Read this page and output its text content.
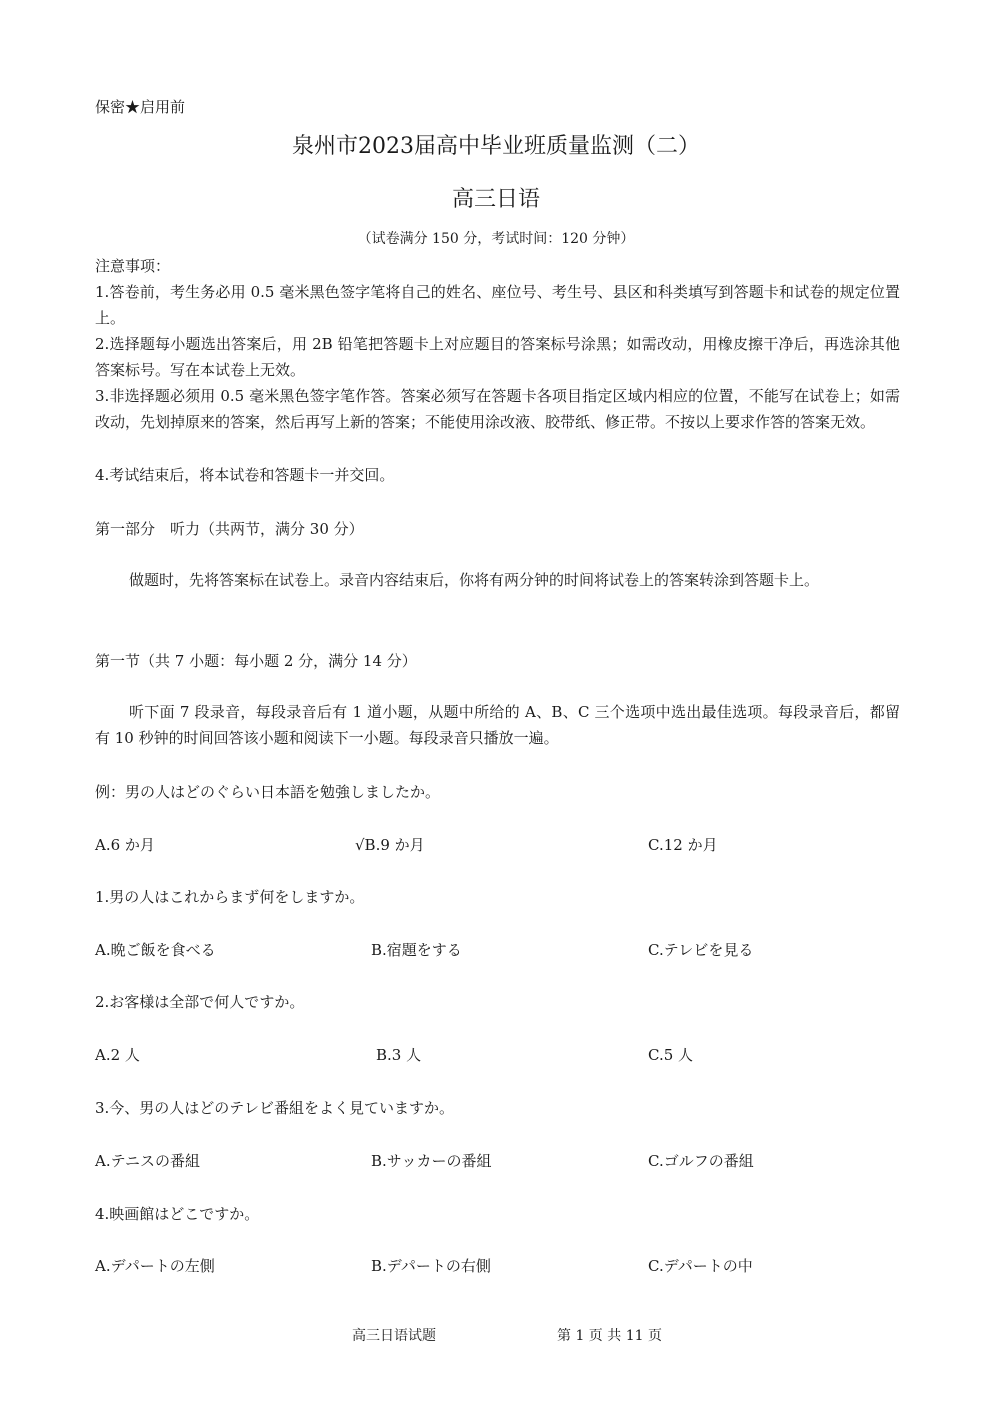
保密★启用前
泉州市2023届高中毕业班质量监测（二）
高三日语
（试卷满分 150 分，考试时间：120 分钟）
注意事项：
1.答卷前，考生务必用 0.5 毫米黑色签字笔将自己的姓名、座位号、考生号、县区和科类填写到答题卡和试卷的规定位置上。
2.选择题每小题选出答案后，用 2B 铅笔把答题卡上对应题目的答案标号涂黑；如需改动，用橡皮擦干净后，再选涂其他答案标号。写在本试卷上无效。
3.非选择题必须用 0.5 毫米黑色签字笔作答。答案必须写在答题卡各项目指定区域内相应的位置，不能写在试卷上；如需改动，先划掉原来的答案，然后再写上新的答案；不能使用涂改液、胶带纸、修正带。不按以上要求作答的答案无效。
4.考试结束后，将本试卷和答题卡一并交回。
第一部分　听力（共两节，满分 30 分）
做题时，先将答案标在试卷上。录音内容结束后，你将有两分钟的时间将试卷上的答案转涂到答题卡上。
第一节（共 7 小题：每小题 2 分，满分 14 分）
听下面 7 段录音，每段录音后有 1 道小题，从题中所给的 A、B、C 三个选项中选出最佳选项。每段录音后，都留有 10 秒钟的时间回答该小题和阅读下一小题。每段录音只播放一遍。
例：男の人はどのぐらい日本語を勉強しましたか。
A.6 か月	√B.9 か月	C.12 か月
1.男の人はこれからまず何をしますか。
A.晩ご飯を食べる	B.宿題をする	C.テレビを見る
2.お客様は全部で何人ですか。
A.2 人	B.3 人	C.5 人
3.今、男の人はどのテレビ番組をよく見ていますか。
A.テニスの番組	B.サッカーの番組	C.ゴルフの番組
4.映画館はどこですか。
A.デパートの左側	B.デパートの右側	C.デパートの中
高三日语试题	第 1 页 共 11 页
